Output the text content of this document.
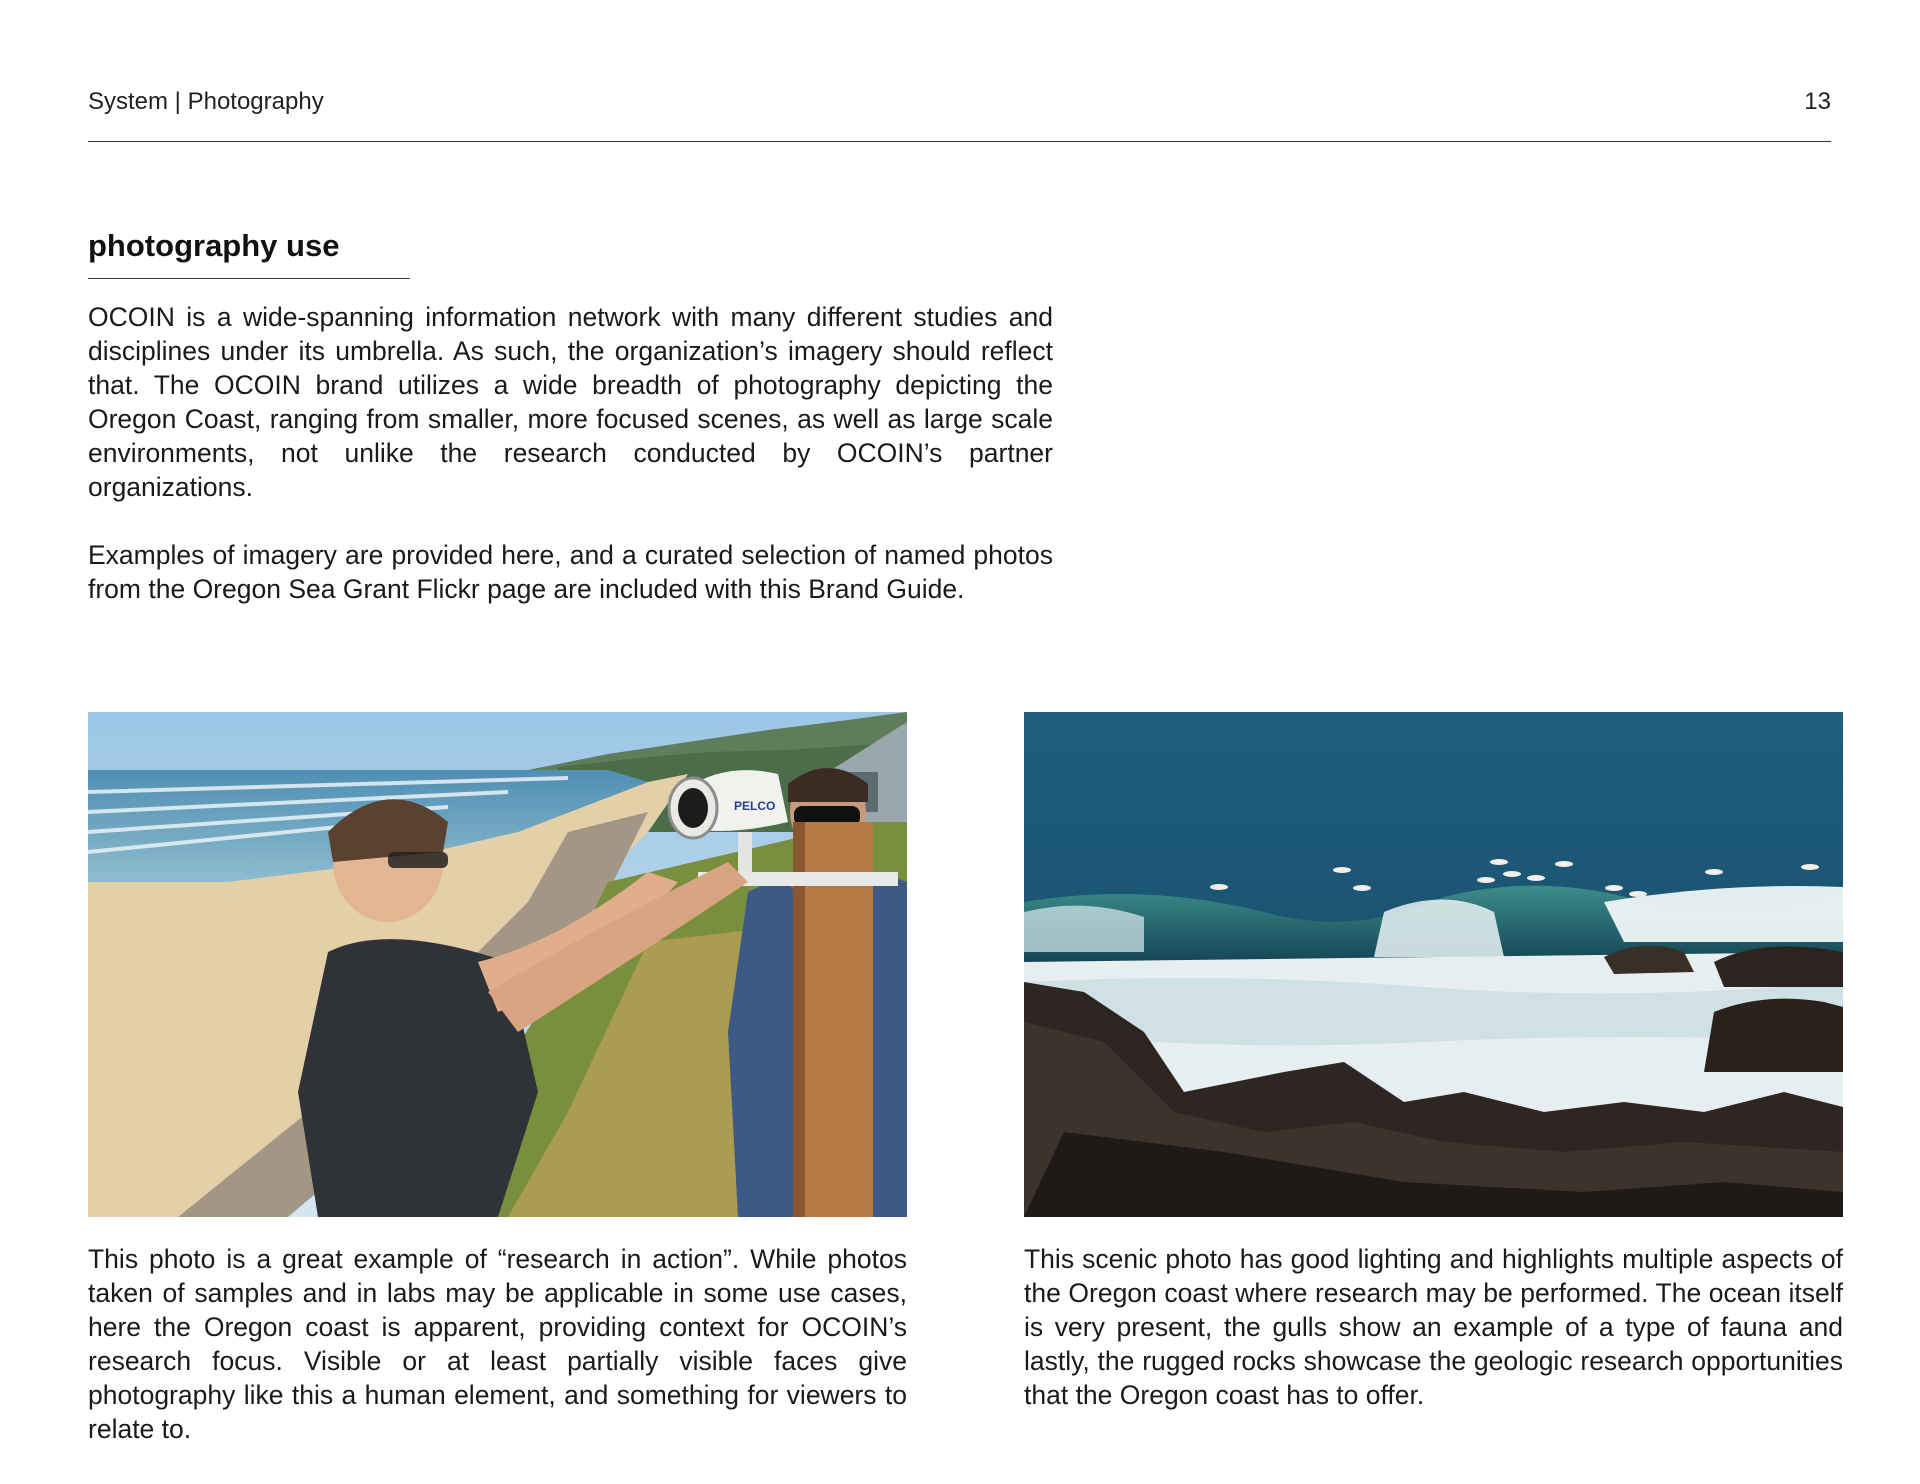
System | Photography	13
photography use

OCOIN is a wide-spanning information network with many different studies and disciplines under its umbrella. As such, the organization’s imagery should reflect that. The OCOIN brand utilizes a wide breadth of photography depicting the Oregon Coast, ranging from smaller, more focused scenes, as well as large scale environments, not unlike the research conducted by OCOIN’s partner organizations.

Examples of imagery are provided here, and a curated selection of named photos from the Oregon Sea Grant Flickr page are included with this Brand Guide.

PELCO
This photo is a great example of “research in action”. While photos taken of samples and in labs may be applicable in some use cases, here the Oregon coast is apparent, providing context for OCOIN’s research focus. Visible or at least partially visible faces give photography like this a human element, and something for viewers to relate to.
This scenic photo has good lighting and highlights multiple aspects of the Oregon coast where research may be performed. The ocean itself is very present, the gulls show an example of a type of fauna and lastly, the rugged rocks showcase the geologic research opportunities that the Oregon coast has to offer.
